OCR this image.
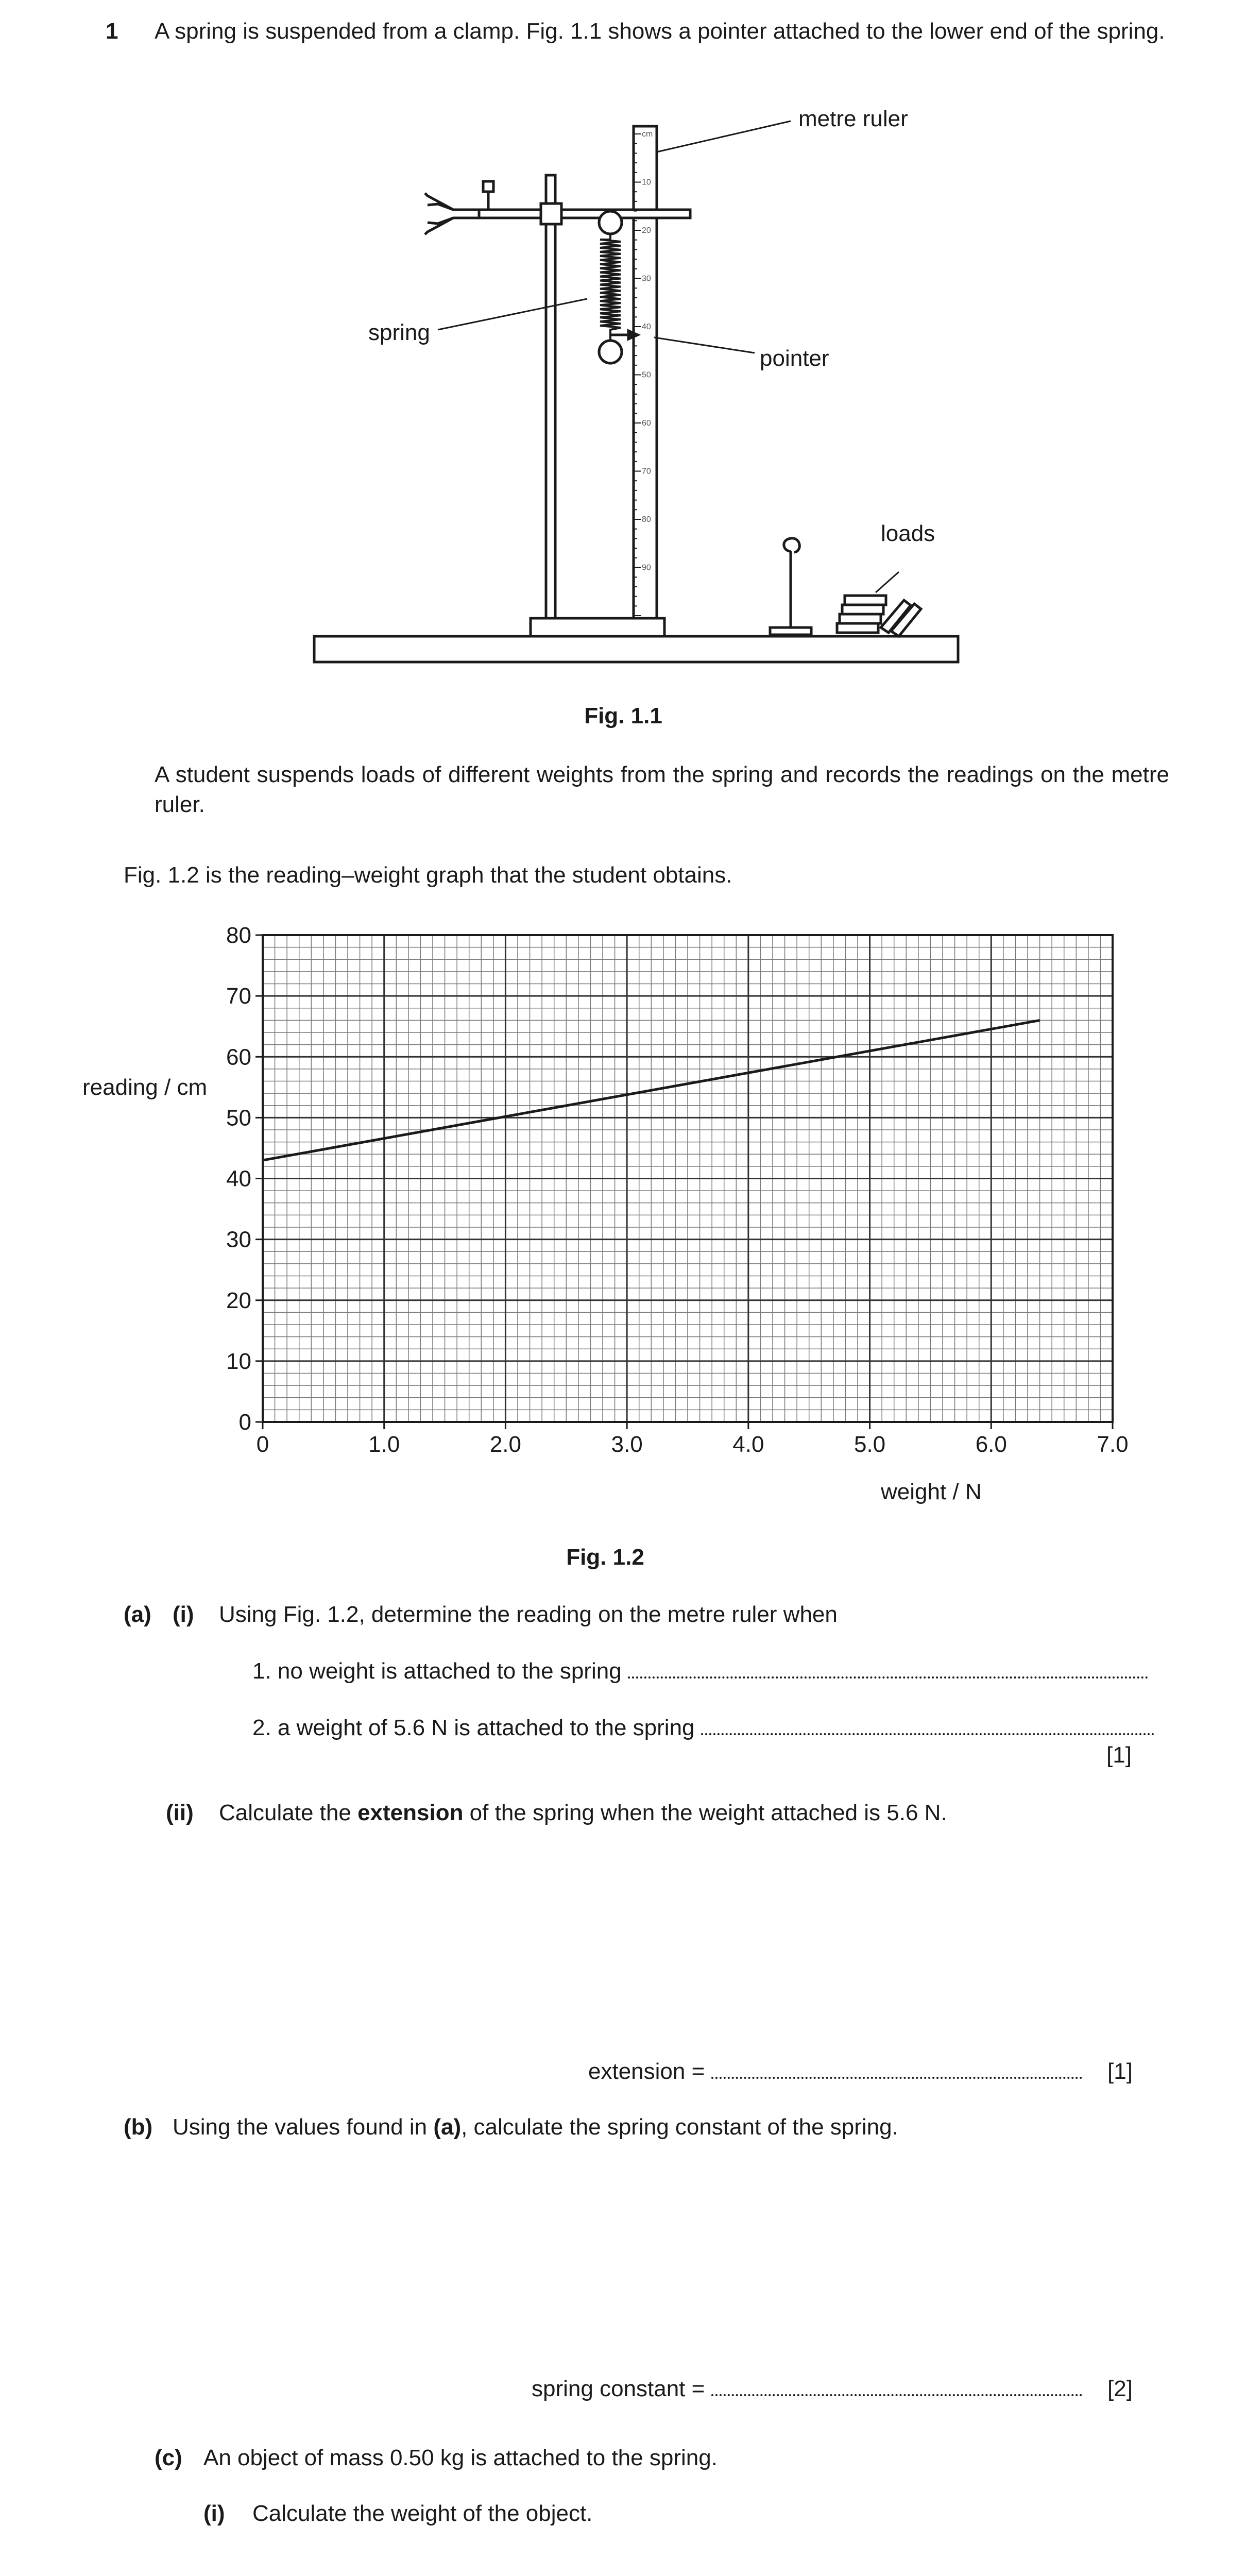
1 A spring is suspended from a clamp. Fig. 1.1 shows a pointer attached to the lower end of the spring.
cm
10
20
30
40
50
60
70
80
90
metre ruler
spring
pointer
loads
Fig. 1.1
A student suspends loads of different weights from the spring and records the readings on the metre ruler.
Fig. 1.2 is the reading–weight graph that the student obtains.
0	1.0	2.0	3.0	4.0	5.0	6.0	7.0
0
10
20
30
40
50
60
70
80
reading / cm
weight / N
Fig. 1.2
(a) (i) Using Fig. 1.2, determine the reading on the metre ruler when
1. no weight is attached to the spring
2. a weight of 5.6 N is attached to the spring
[1]
(ii) Calculate the extension of the spring when the weight attached is 5.6 N.
extension =	[1]
(b) Using the values found in (a), calculate the spring constant of the spring.
spring constant =	[2]
(c) An object of mass 0.50 kg is attached to the spring.
(i) Calculate the weight of the object.
